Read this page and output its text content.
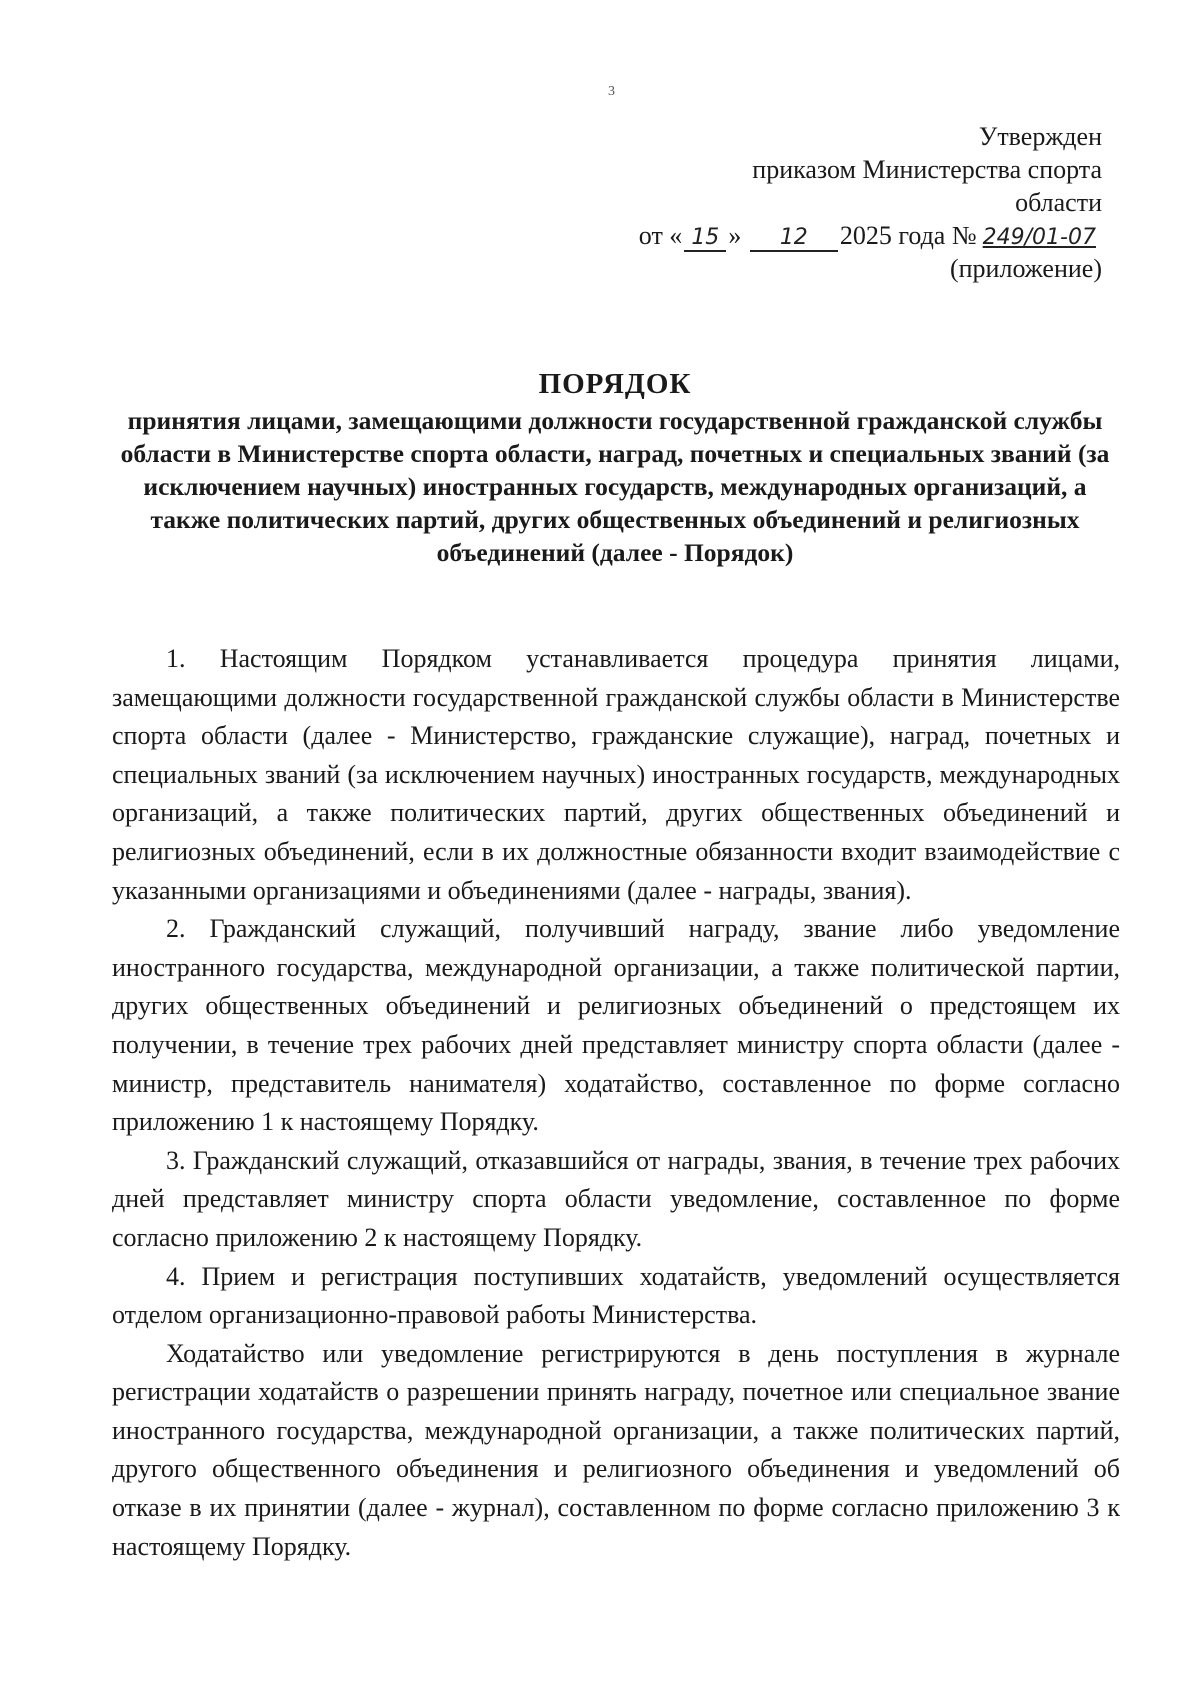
3
Утвержден
приказом Министерства спорта
области
от « 15 » 12 2025 года № 249/01-07
(приложение)
ПОРЯДОК
принятия лицами, замещающими должности государственной гражданской службы области в Министерстве спорта области, наград, почетных и специальных званий (за исключением научных) иностранных государств, международных организаций, а также политических партий, других общественных объединений и религиозных объединений (далее - Порядок)

1. Настоящим Порядком устанавливается процедура принятия лицами, замещающими должности государственной гражданской службы области в Министерстве спорта области (далее - Министерство, гражданские служащие), наград, почетных и специальных званий (за исключением научных) иностранных государств, международных организаций, а также политических партий, других общественных объединений и религиозных объединений, если в их должностные обязанности входит взаимодействие с указанными организациями и объединениями (далее - награды, звания).

2. Гражданский служащий, получивший награду, звание либо уведомление иностранного государства, международной организации, а также политической партии, других общественных объединений и религиозных объединений о предстоящем их получении, в течение трех рабочих дней представляет министру спорта области (далее - министр, представитель нанимателя) ходатайство, составленное по форме согласно приложению 1 к настоящему Порядку.

3. Гражданский служащий, отказавшийся от награды, звания, в течение трех рабочих дней представляет министру спорта области уведомление, составленное по форме согласно приложению 2 к настоящему Порядку.

4. Прием и регистрация поступивших ходатайств, уведомлений осуществляется отделом организационно-правовой работы Министерства.

Ходатайство или уведомление регистрируются в день поступления в журнале регистрации ходатайств о разрешении принять награду, почетное или специальное звание иностранного государства, международной организации, а также политических партий, другого общественного объединения и религиозного объединения и уведомлений об отказе в их принятии (далее - журнал), составленном по форме согласно приложению 3 к настоящему Порядку.
